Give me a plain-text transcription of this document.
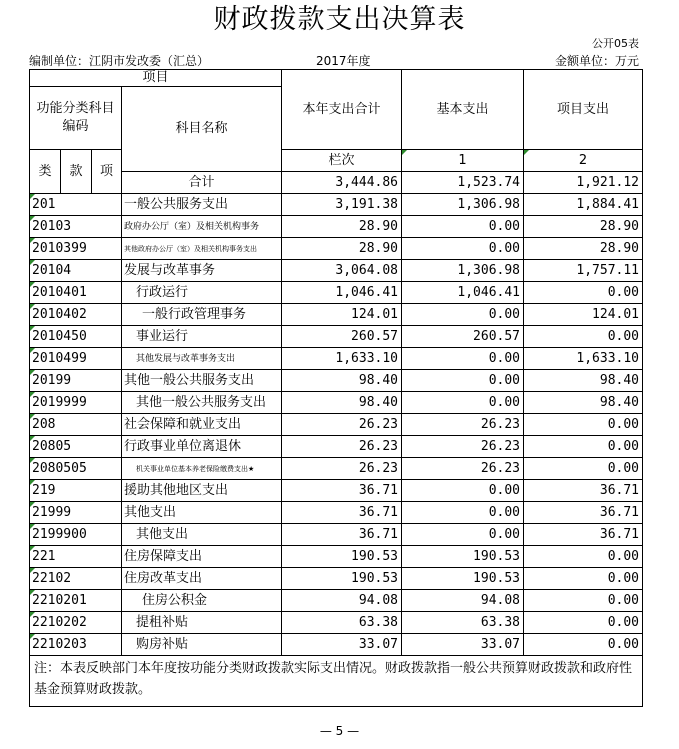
财政拨款支出决算表
公开05表
编制单位：江阴市发改委（汇总）	2017年度	金额单位：万元
项目				本年支出合计	基本支出	项目支出	
功能分类科目编码			科目名称				
类	款	项		栏次	1	2	
			合计	3,444.86	1,523.74	1,921.12	
201			一般公共服务支出	3,191.38	1,306.98	1,884.41	
20103			政府办公厅（室）及相关机构事务	28.90	0.00	28.90	
2010399			其他政府办公厅（室）及相关机构事务支出	28.90	0.00	28.90	
20104			发展与改革事务	3,064.08	1,306.98	1,757.11	
2010401			行政运行	1,046.41	1,046.41	0.00	
2010402			一般行政管理事务	124.01	0.00	124.01	
2010450			事业运行	260.57	260.57	0.00	
2010499			其他发展与改革事务支出	1,633.10	0.00	1,633.10	
20199			其他一般公共服务支出	98.40	0.00	98.40	
2019999			其他一般公共服务支出	98.40	0.00	98.40	
208			社会保障和就业支出	26.23	26.23	0.00	
20805			行政事业单位离退休	26.23	26.23	0.00	
2080505			机关事业单位基本养老保险缴费支出★	26.23	26.23	0.00	
219			援助其他地区支出	36.71	0.00	36.71	
21999			其他支出	36.71	0.00	36.71	
2199900			其他支出	36.71	0.00	36.71	
221			住房保障支出	190.53	190.53	0.00	
22102			住房改革支出	190.53	190.53	0.00	
2210201			住房公积金	94.08	94.08	0.00	
2210202			提租补贴	63.38	63.38	0.00	
2210203			购房补贴	33.07	33.07	0.00	
注：本表反映部门本年度按功能分类财政拨款实际支出情况。财政拨款指一般公共预算财政拨款和政府性基金预算财政拨款。							
— 5 —
